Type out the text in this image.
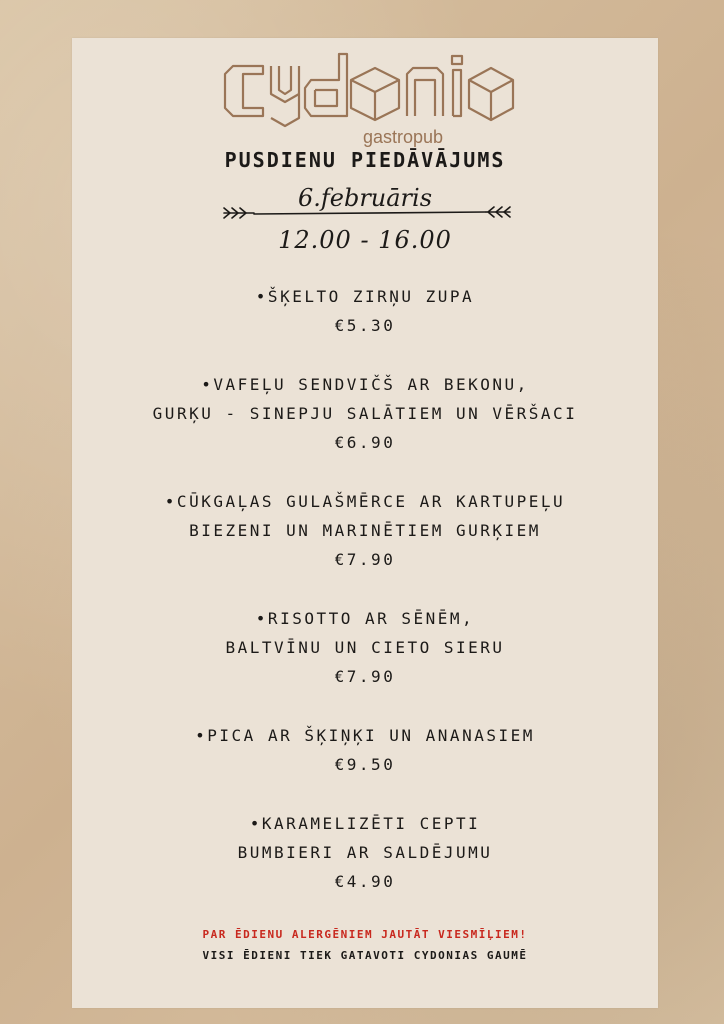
gastropub
PUSDIENU PIEDĀVĀJUMS
6.februāris
12.00 - 16.00
•ŠĶELTO ZIRŅU ZUPA
€5.30
•VAFEĻU SENDVIČŠ AR BEKONU,
GURĶU - SINEPJU SALĀTIEM UN VĒRŠACI
€6.90
•CŪKGAĻAS GULAŠMĒRCE AR KARTUPEĻU
BIEZENI UN MARINĒTIEM GURĶIEM
€7.90
•RISOTTO AR SĒNĒM,
BALTVĪNU UN CIETO SIERU
€7.90
•PICA AR ŠĶIŅĶI UN ANANASIEM
€9.50
•KARAMELIZĒTI CEPTI
BUMBIERI AR SALDĒJUMU
€4.90
PAR ĒDIENU ALERGĒNIEM JAUTĀT VIESMĪĻIEM!
VISI ĒDIENI TIEK GATAVOTI CYDONIAS GAUMĒ
